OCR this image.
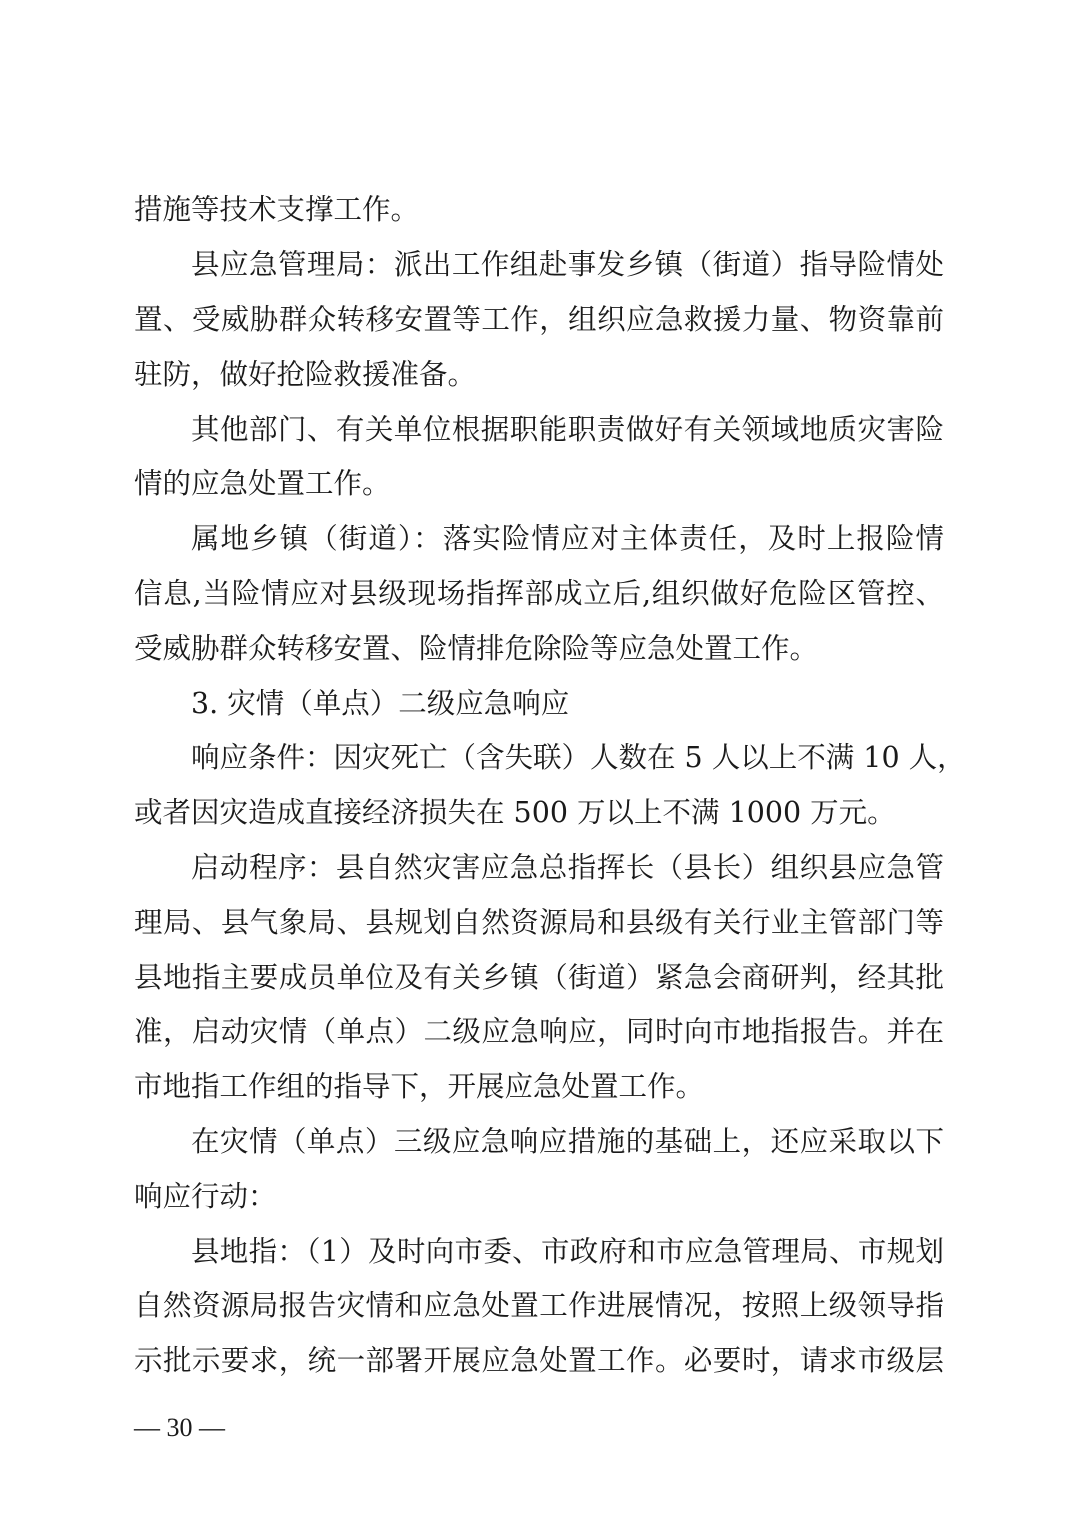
措施等技术支撑工作。
县应急管理局：派出工作组赴事发乡镇（街道）指导险情处
置、受威胁群众转移安置等工作，组织应急救援力量、物资靠前
驻防，做好抢险救援准备。
其他部门、有关单位根据职能职责做好有关领域地质灾害险
情的应急处置工作。
属地乡镇（街道）：落实险情应对主体责任，及时上报险情
信息,当险情应对县级现场指挥部成立后,组织做好危险区管控、
受威胁群众转移安置、险情排危除险等应急处置工作。
3. 灾情（单点）二级应急响应
响应条件：因灾死亡（含失联）人数在 5 人以上不满 10 人，
或者因灾造成直接经济损失在 500 万以上不满 1000 万元。
启动程序：县自然灾害应急总指挥长（县长）组织县应急管
理局、县气象局、县规划自然资源局和县级有关行业主管部门等
县地指主要成员单位及有关乡镇（街道）紧急会商研判，经其批
准，启动灾情（单点）二级应急响应，同时向市地指报告。并在
市地指工作组的指导下，开展应急处置工作。
在灾情（单点）三级应急响应措施的基础上，还应采取以下
响应行动：
县地指：（1）及时向市委、市政府和市应急管理局、市规划
自然资源局报告灾情和应急处置工作进展情况，按照上级领导指
示批示要求，统一部署开展应急处置工作。必要时，请求市级层
— 30 —
